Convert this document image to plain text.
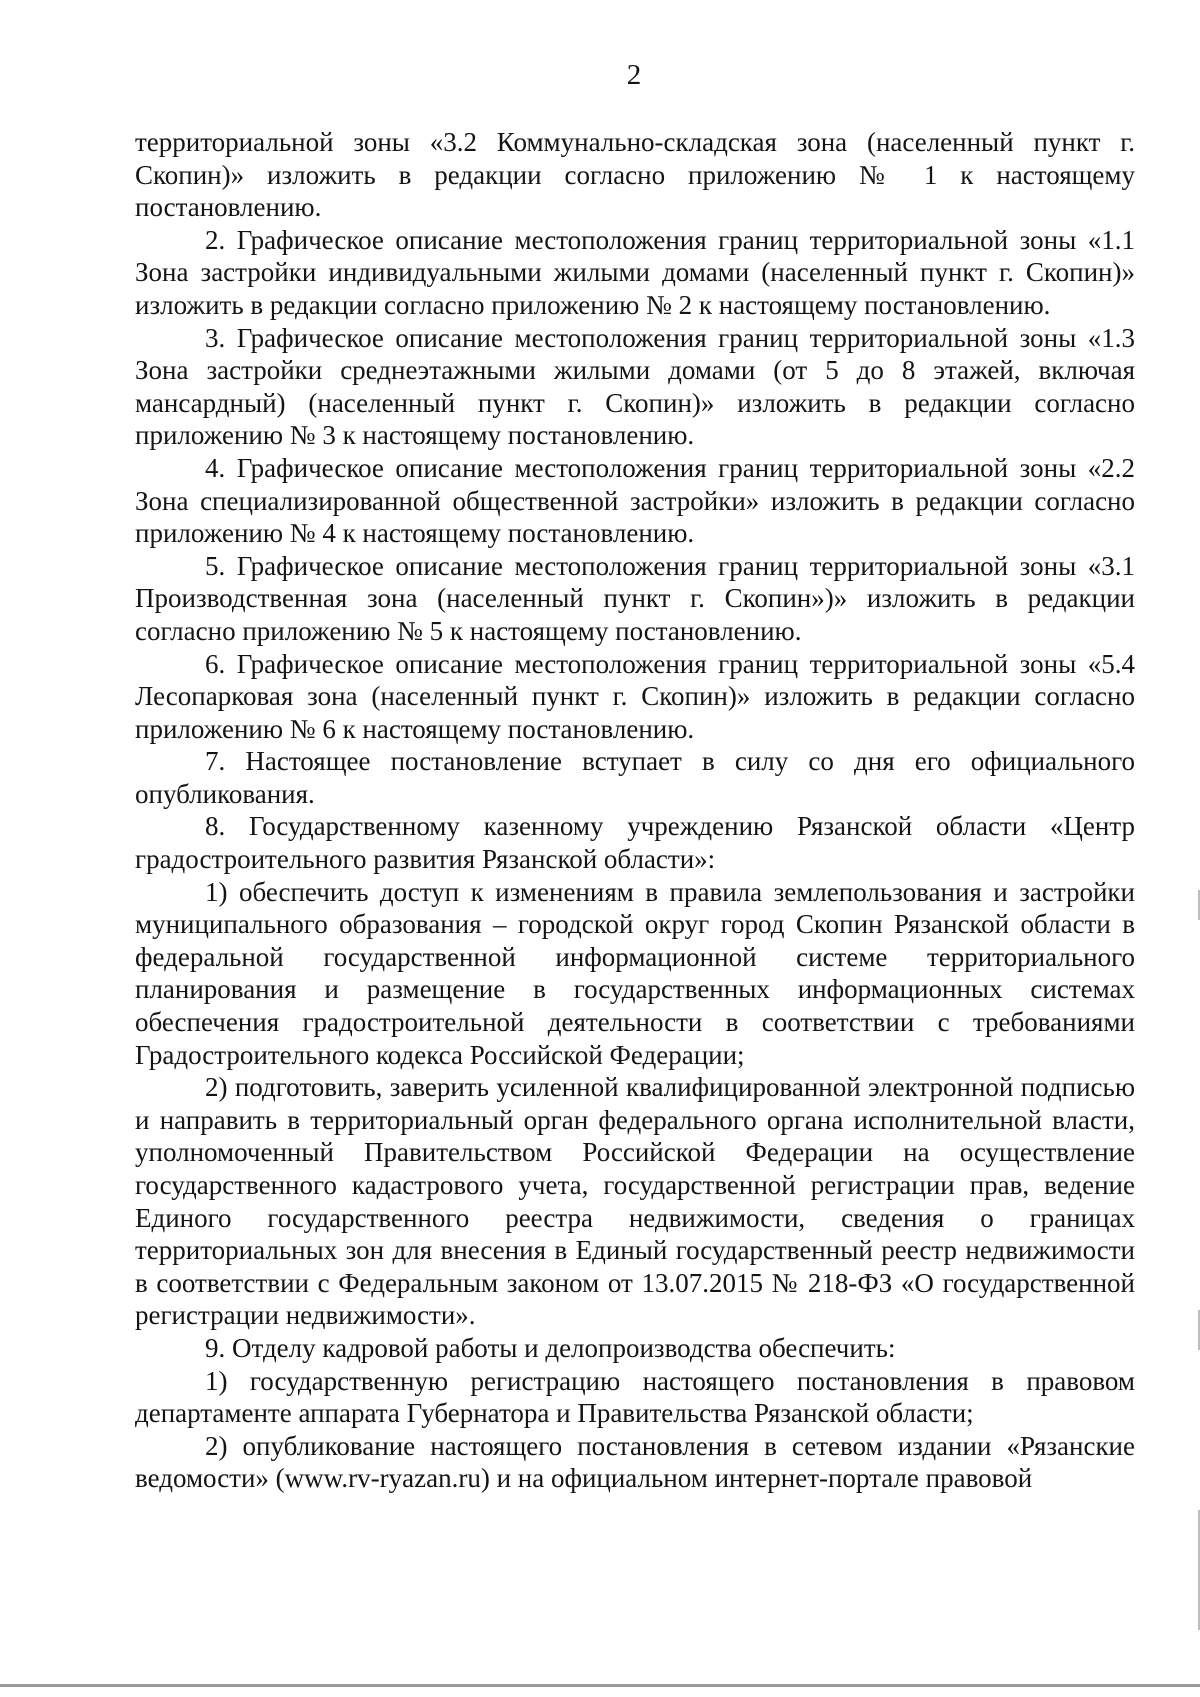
2

территориальной зоны «3.2 Коммунально-складская зона (населенный пункт г. Скопин)» изложить в редакции согласно приложению № 1 к настоящему постановлению.

2. Графическое описание местоположения границ территориальной зоны «1.1 Зона застройки индивидуальными жилыми домами (населенный пункт г. Скопин)» изложить в редакции согласно приложению № 2 к настоящему постановлению.

3. Графическое описание местоположения границ территориальной зоны «1.3 Зона застройки среднеэтажными жилыми домами (от 5 до 8 этажей, включая мансардный) (населенный пункт г. Скопин)» изложить в редакции согласно приложению № 3 к настоящему постановлению.

4. Графическое описание местоположения границ территориальной зоны «2.2 Зона специализированной общественной застройки» изложить в редакции согласно приложению № 4 к настоящему постановлению.

5. Графическое описание местоположения границ территориальной зоны «3.1 Производственная зона (населенный пункт г. Скопин»)» изложить в редакции согласно приложению № 5 к настоящему постановлению.

6. Графическое описание местоположения границ территориальной зоны «5.4 Лесопарковая зона (населенный пункт г. Скопин)» изложить в редакции согласно приложению № 6 к настоящему постановлению.

7. Настоящее постановление вступает в силу со дня его официального опубликования.

8. Государственному казенному учреждению Рязанской области «Центр градостроительного развития Рязанской области»:

1) обеспечить доступ к изменениям в правила землепользования и застройки муниципального образования – городской округ город Скопин Рязанской области в федеральной государственной информационной системе территориального планирования и размещение в государственных информационных системах обеспечения градостроительной деятельности в соответствии с требованиями Градостроительного кодекса Российской Федерации;

2) подготовить, заверить усиленной квалифицированной электронной подписью и направить в территориальный орган федерального органа исполнительной власти, уполномоченный Правительством Российской Федерации на осуществление государственного кадастрового учета, государственной регистрации прав, ведение Единого государственного реестра недвижимости, сведения о границах территориальных зон для внесения в Единый государственный реестр недвижимости в соответствии с Федеральным законом от 13.07.2015 № 218-ФЗ «О государственной регистрации недвижимости».

9. Отделу кадровой работы и делопроизводства обеспечить:

1) государственную регистрацию настоящего постановления в правовом департаменте аппарата Губернатора и Правительства Рязанской области;

2) опубликование настоящего постановления в сетевом издании «Рязанские ведомости» (www.rv-ryazan.ru) и на официальном интернет-портале правовой
